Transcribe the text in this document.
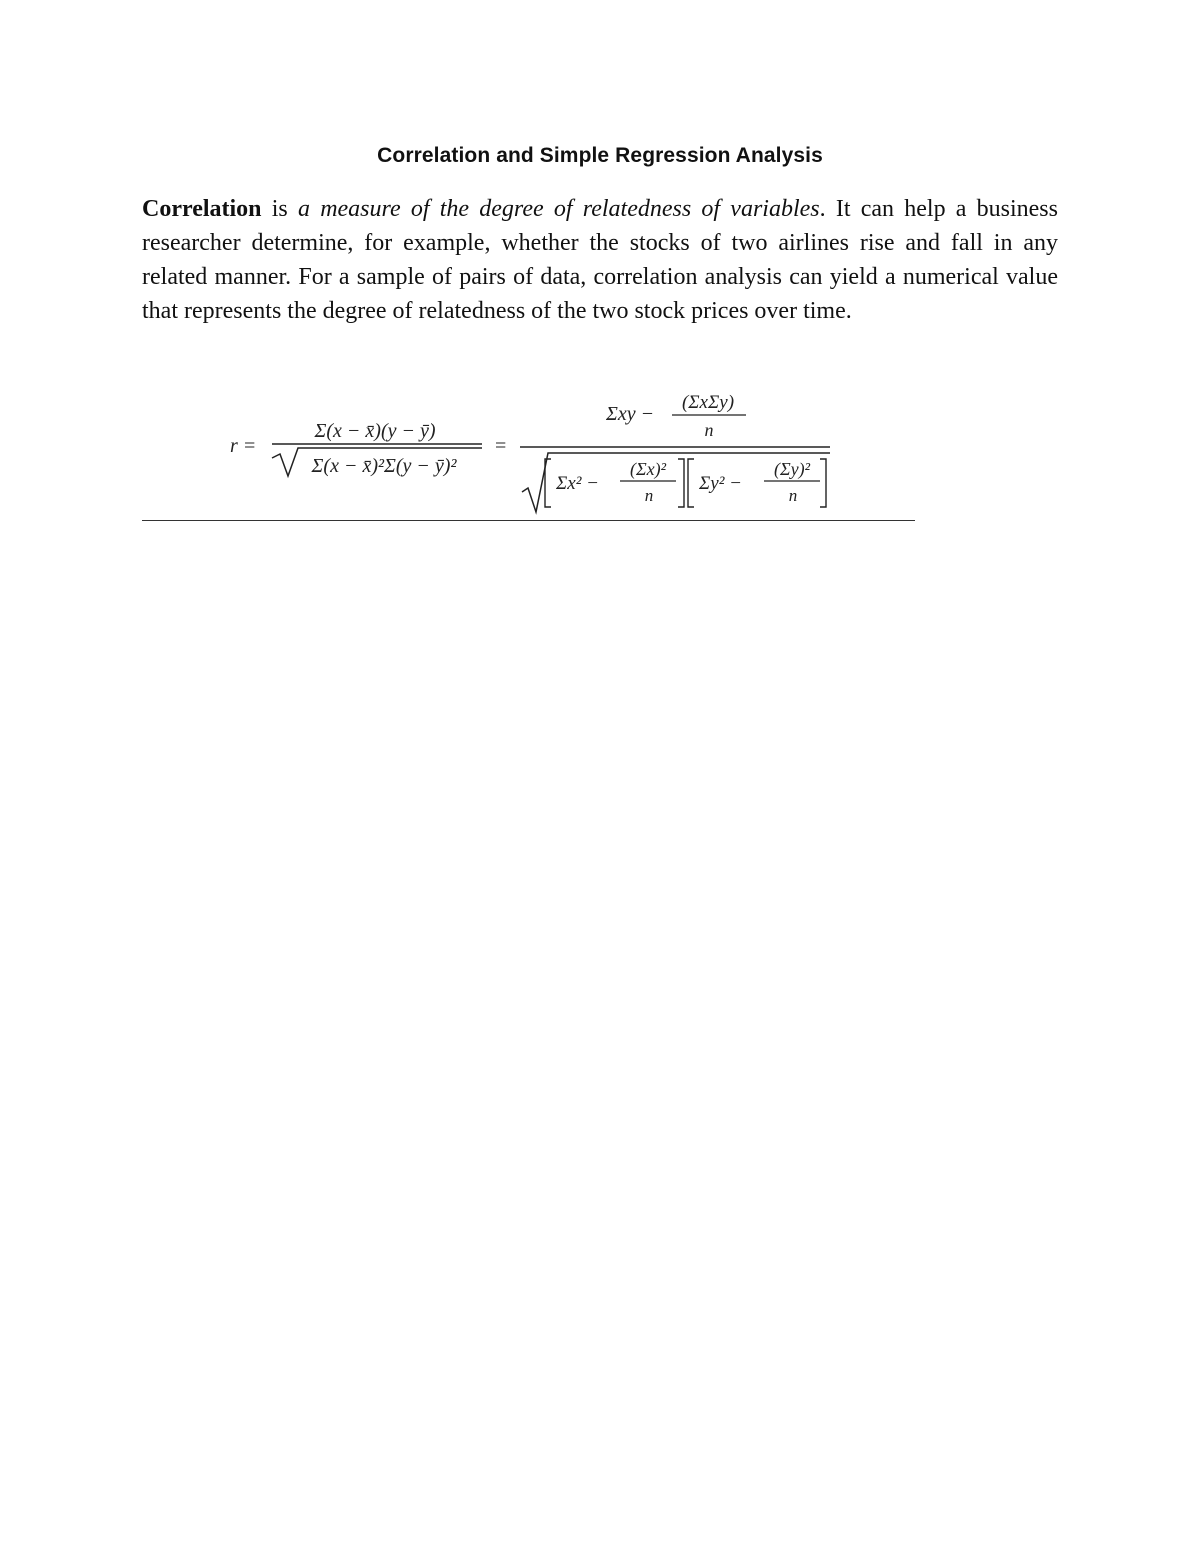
Correlation and Simple Regression Analysis

Correlation is a measure of the degree of relatedness of variables. It can help a business researcher determine, for example, whether the stocks of two airlines rise and fall in any related manner. For a sample of pairs of data, correlation analysis can yield a numerical value that represents the degree of relatedness of the two stock prices over time.

r =
Σ(x − x̄)(y − ȳ)
Σ(x − x̄)²Σ(y − ȳ)²
=
Σxy −
(ΣxΣy)
n
Σx² −
(Σx)²
n
Σy² −
(Σy)²
n
